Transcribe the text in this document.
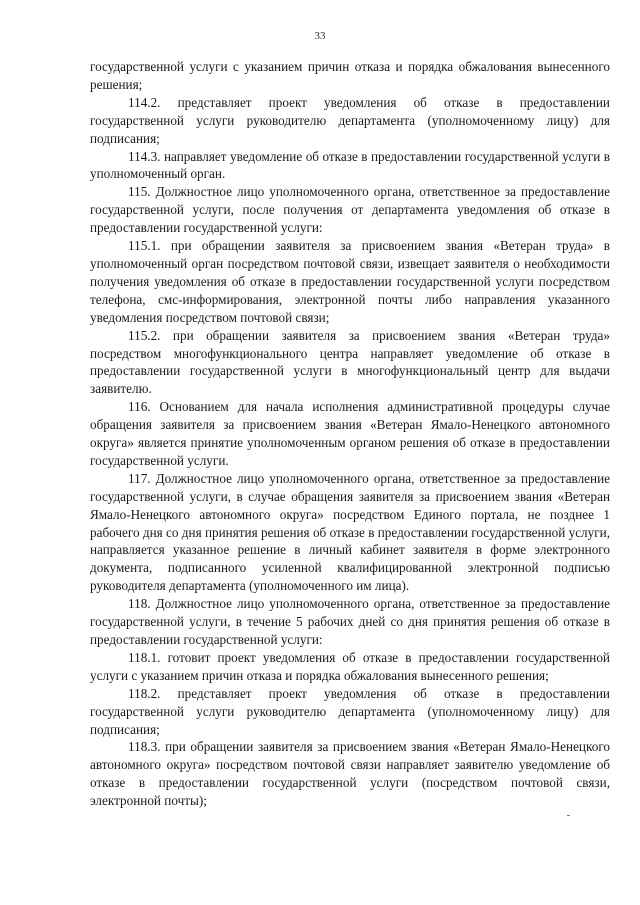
33

государственной услуги с указанием причин отказа и порядка обжалования вынесенного решения;

114.2. представляет проект уведомления об отказе в предоставлении государственной услуги руководителю департамента (уполномоченному лицу) для подписания;

114.3. направляет уведомление об отказе в предоставлении государственной услуги в уполномоченный орган.

115. Должностное лицо уполномоченного органа, ответственное за предоставление государственной услуги, после получения от департамента уведомления об отказе в предоставлении государственной услуги:

115.1. при обращении заявителя за присвоением звания «Ветеран труда» в уполномоченный орган посредством почтовой связи, извещает заявителя о необходимости получения уведомления об отказе в предоставлении государственной услуги посредством телефона, смс-информирования, электронной почты либо направления указанного уведомления посредством почтовой связи;

115.2. при обращении заявителя за присвоением звания «Ветеран труда» посредством многофункционального центра направляет уведомление об отказе в предоставлении государственной услуги в многофункциональный центр для выдачи заявителю.

116. Основанием для начала исполнения административной процедуры случае обращения заявителя за присвоением звания «Ветеран Ямало-Ненецкого автономного округа» является принятие уполномоченным органом решения об отказе в предоставлении государственной услуги.

117. Должностное лицо уполномоченного органа, ответственное за предоставление государственной услуги, в случае обращения заявителя за присвоением звания «Ветеран Ямало-Ненецкого автономного округа» посредством Единого портала, не позднее 1 рабочего дня со дня принятия решения об отказе в предоставлении государственной услуги, направляется указанное решение в личный кабинет заявителя в форме электронного документа, подписанного усиленной квалифицированной электронной подписью руководителя департамента (уполномоченного им лица).

118. Должностное лицо уполномоченного органа, ответственное за предоставление государственной услуги, в течение 5 рабочих дней со дня принятия решения об отказе в предоставлении государственной услуги:

118.1. готовит проект уведомления об отказе в предоставлении государственной услуги с указанием причин отказа и порядка обжалования вынесенного решения;

118.2. представляет проект уведомления об отказе в предоставлении государственной услуги руководителю департамента (уполномоченному лицу) для подписания;

118.3. при обращении заявителя за присвоением звания «Ветеран Ямало-Ненецкого автономного округа» посредством почтовой связи направляет заявителю уведомление об отказе в предоставлении государственной услуги (посредством почтовой связи, электронной почты);
